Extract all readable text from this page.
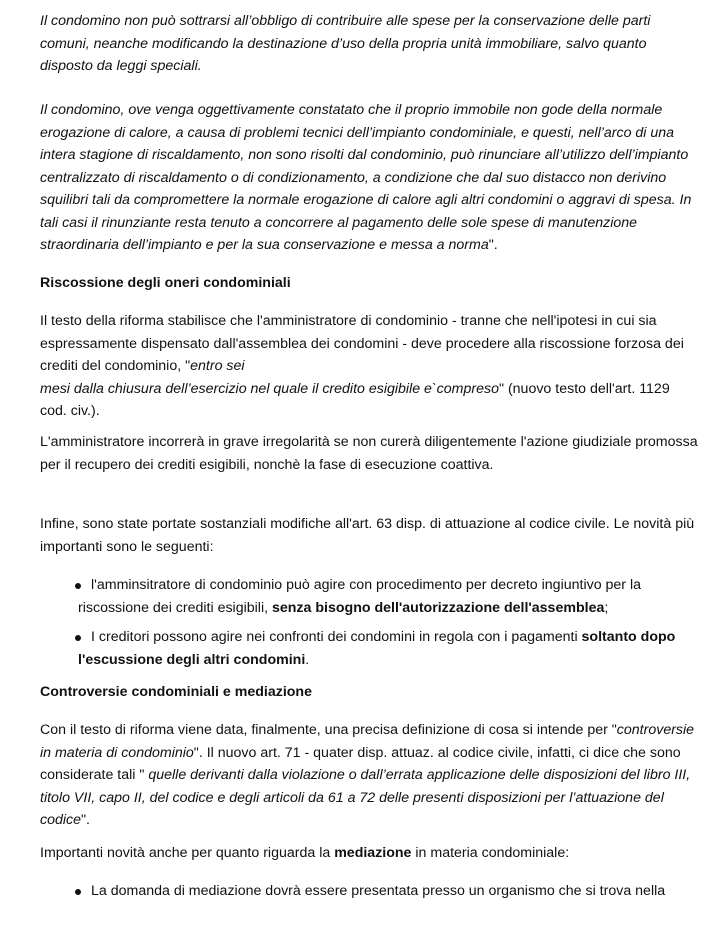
Il condomino non può sottrarsi all’obbligo di contribuire alle spese per la conservazione delle parti comuni, neanche modificando la destinazione d’uso della propria unità immobiliare, salvo quanto disposto da leggi speciali.

Il condomino, ove venga oggettivamente constatato che il proprio immobile non gode della normale erogazione di calore, a causa di problemi tecnici dell’impianto condominiale, e questi, nell’arco di una intera stagione di riscaldamento, non sono risolti dal condominio, può rinunciare all’utilizzo dell’impianto centralizzato di riscaldamento o di condizionamento, a condizione che dal suo distacco non derivino squilibri tali da compromettere la normale erogazione di calore agli altri condomini o aggravi di spesa. In tali casi il rinunziante resta tenuto a concorrere al pagamento delle sole spese di manutenzione straordinaria dell’impianto e per la sua conservazione e messa a norma".

Riscossione degli oneri condominiali

Il testo della riforma stabilisce che l'amministratore di condominio - tranne che nell'ipotesi in cui sia espressamente dispensato dall'assemblea dei condomini - deve procedere alla riscossione forzosa dei crediti del condominio, "entro sei
mesi dalla chiusura dell’esercizio nel quale il credito esigibile e`compreso" (nuovo testo dell'art. 1129 cod. civ.).

L'amministratore incorrerà in grave irregolarità se non curerà diligentemente l'azione giudiziale promossa per il recupero dei crediti esigibili, nonchè la fase di esecuzione coattiva.

Infine, sono state portate sostanziali modifiche all'art. 63 disp. di attuazione al codice civile. Le novità più importanti sono le seguenti:

l'amminsitratore di condominio può agire con procedimento per decreto ingiuntivo per la riscossione dei crediti esigibili, senza bisogno dell'autorizzazione dell'assemblea;
I creditori possono agire nei confronti dei condomini in regola con i pagamenti soltanto dopo l'escussione degli altri condomini.

Controversie condominiali e mediazione

Con il testo di riforma viene data, finalmente, una precisa definizione di cosa si intende per "controversie in materia di condominio". Il nuovo art. 71 - quater disp. attuaz. al codice civile, infatti, ci dice che sono considerate tali " quelle derivanti dalla violazione o dall’errata applicazione delle disposizioni del libro III, titolo VII, capo II, del codice e degli articoli da 61 a 72 delle presenti disposizioni per l’attuazione del codice".

Importanti novità anche per quanto riguarda la mediazione in materia condominiale:

La domanda di mediazione dovrà essere presentata presso un organismo che si trova nella
